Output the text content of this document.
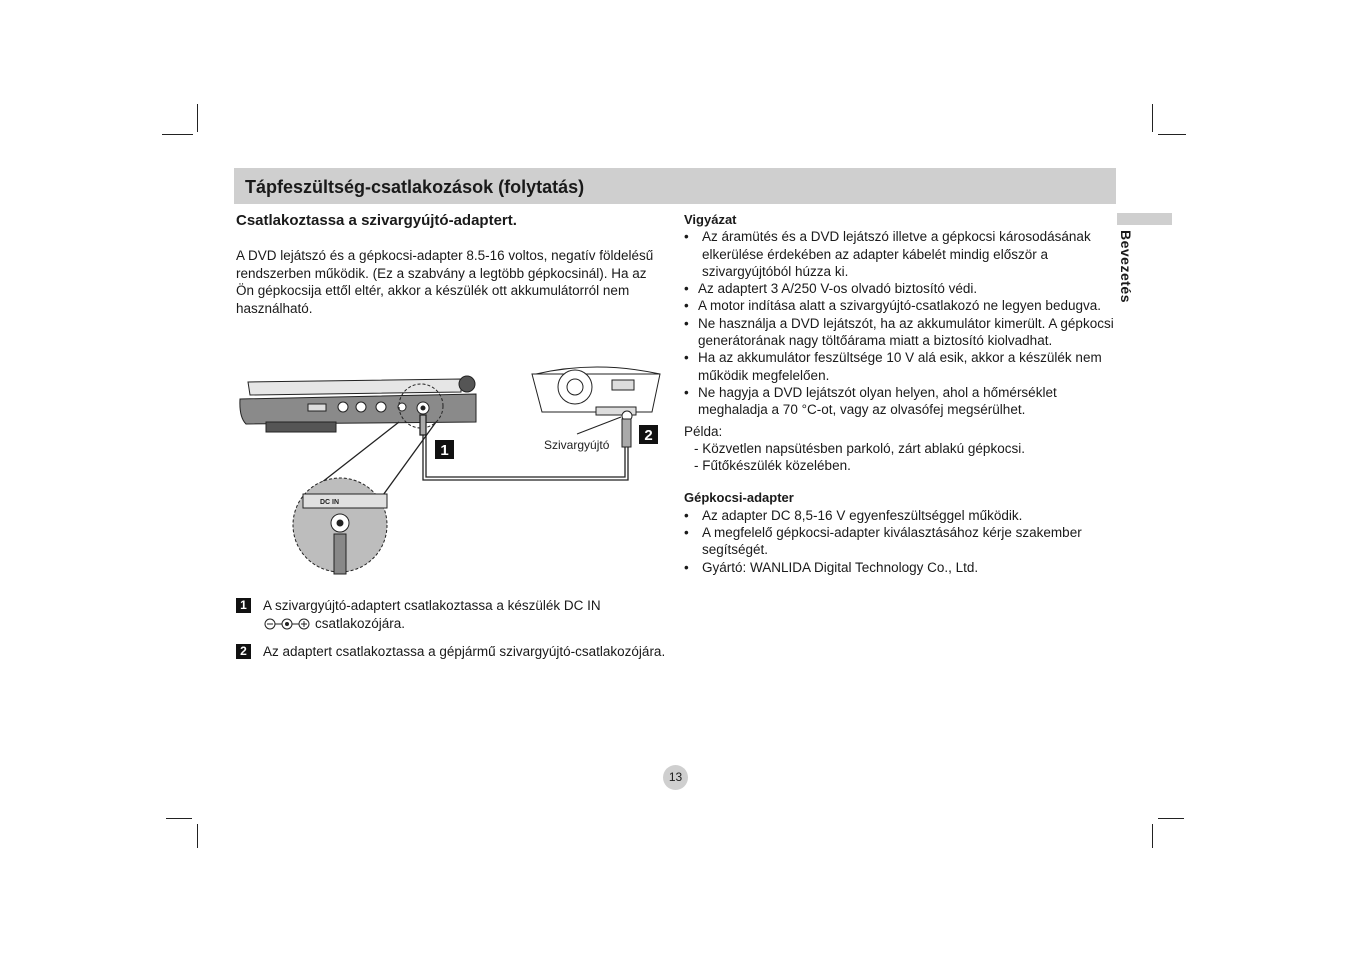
Tápfeszültség-csatlakozások (folytatás)
Bevezetés
Csatlakoztassa a szivargyújtó-adaptert.

A DVD lejátszó és a gépkocsi-adapter 8.5-16 voltos, negatív földelésű rendszerben működik. (Ez a szabvány a legtöbb gépkocsinál). Ha az Ön gépkocsija ettől eltér, akkor a készülék ott akkumulátorról nem használható.

DC IN
1
2
Szivargyújtó
1	A szivargyújtó-adaptert csatlakoztassa a készülék DC IN
csatlakozójára.
2	Az adaptert csatlakoztassa a gépjármű szivargyújtó-csatlakozójára.
Vigyázat
• Az áramütés és a DVD lejátszó illetve a gépkocsi károsodásának elkerülése érdekében az adapter kábelét mindig először a szivargyújtóból húzza ki.
• Az adaptert 3 A/250 V-os olvadó biztosító védi.
• A motor indítása alatt a szivargyújtó-csatlakozó ne legyen bedugva.
• Ne használja a DVD lejátszót, ha az akkumulátor kimerült. A gépkocsi generátorának nagy töltőárama miatt a biztosító kiolvadhat.
• Ha az akkumulátor feszültsége 10 V alá esik, akkor a készülék nem működik megfelelően.
• Ne hagyja a DVD lejátszót olyan helyen, ahol a hőmérséklet meghaladja a 70 °C-ot, vagy az olvasófej megsérülhet.
Példa:
- Közvetlen napsütésben parkoló, zárt ablakú gépkocsi.
- Fűtőkészülék közelében.
Gépkocsi-adapter
• Az adapter DC 8,5-16 V egyenfeszültséggel működik.
• A megfelelő gépkocsi-adapter kiválasztásához kérje szakember segítségét.
• Gyártó: WANLIDA Digital Technology Co., Ltd.
13
